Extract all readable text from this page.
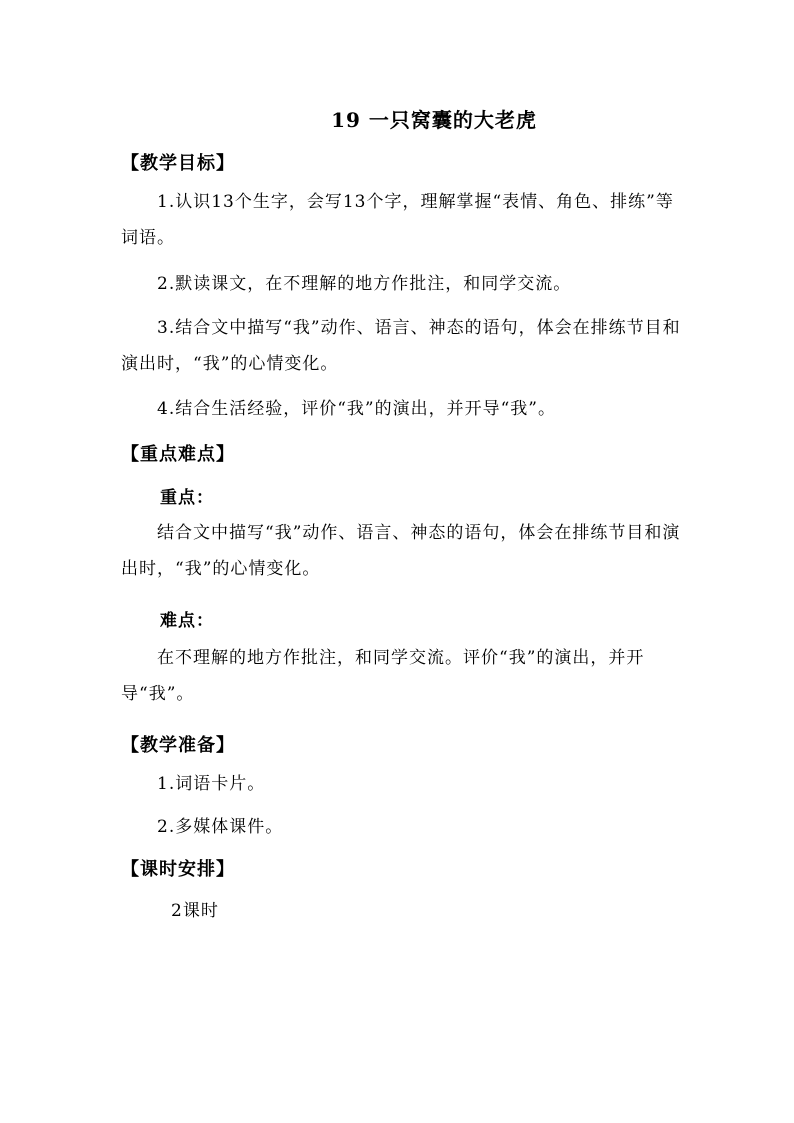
19 一只窝囊的大老虎
【教学目标】
1.认识13个生字，会写13个字，理解掌握“表情、角色、排练”等词语。
2.默读课文，在不理解的地方作批注，和同学交流。
3.结合文中描写“我”动作、语言、神态的语句，体会在排练节目和演出时，“我”的心情变化。
4.结合生活经验，评价“我”的演出，并开导“我”。
【重点难点】
重点：
结合文中描写“我”动作、语言、神态的语句，体会在排练节目和演出时，“我”的心情变化。
难点：
在不理解的地方作批注，和同学交流。评价“我”的演出，并开导“我”。
【教学准备】
1.词语卡片。
2.多媒体课件。
【课时安排】
2课时
